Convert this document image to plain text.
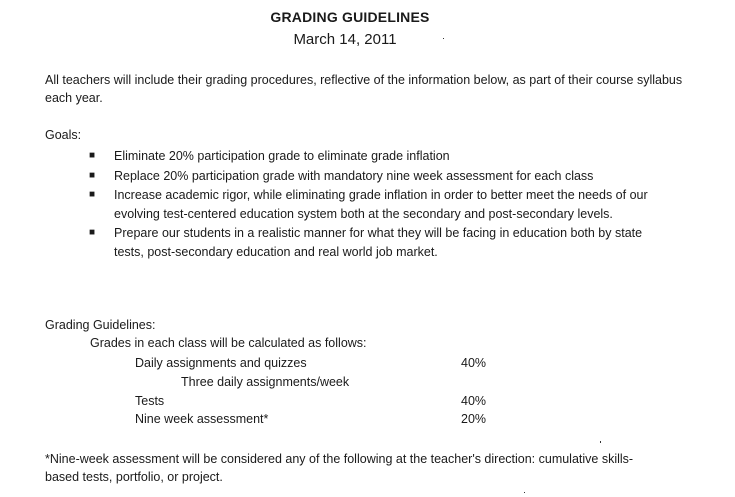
GRADING GUIDELINES
March 14, 2011
All teachers will include their grading procedures, reflective of the information below, as part of their course syllabus each year.
Goals:
■ Eliminate 20% participation grade to eliminate grade inflation
■ Replace 20% participation grade with mandatory nine week assessment for each class
■ Increase academic rigor, while eliminating grade inflation in order to better meet the needs of our evolving test-centered education system both at the secondary and post-secondary levels.
■ Prepare our students in a realistic manner for what they will be facing in education both by state tests, post-secondary education and real world job market.
Grading Guidelines:
Grades in each class will be calculated as follows:
Daily assignments and quizzes	40%
Three daily assignments/week
Tests	40%
Nine week assessment*	20%
*Nine-week assessment will be considered any of the following at the teacher's direction: cumulative skills-based tests, portfolio, or project.
